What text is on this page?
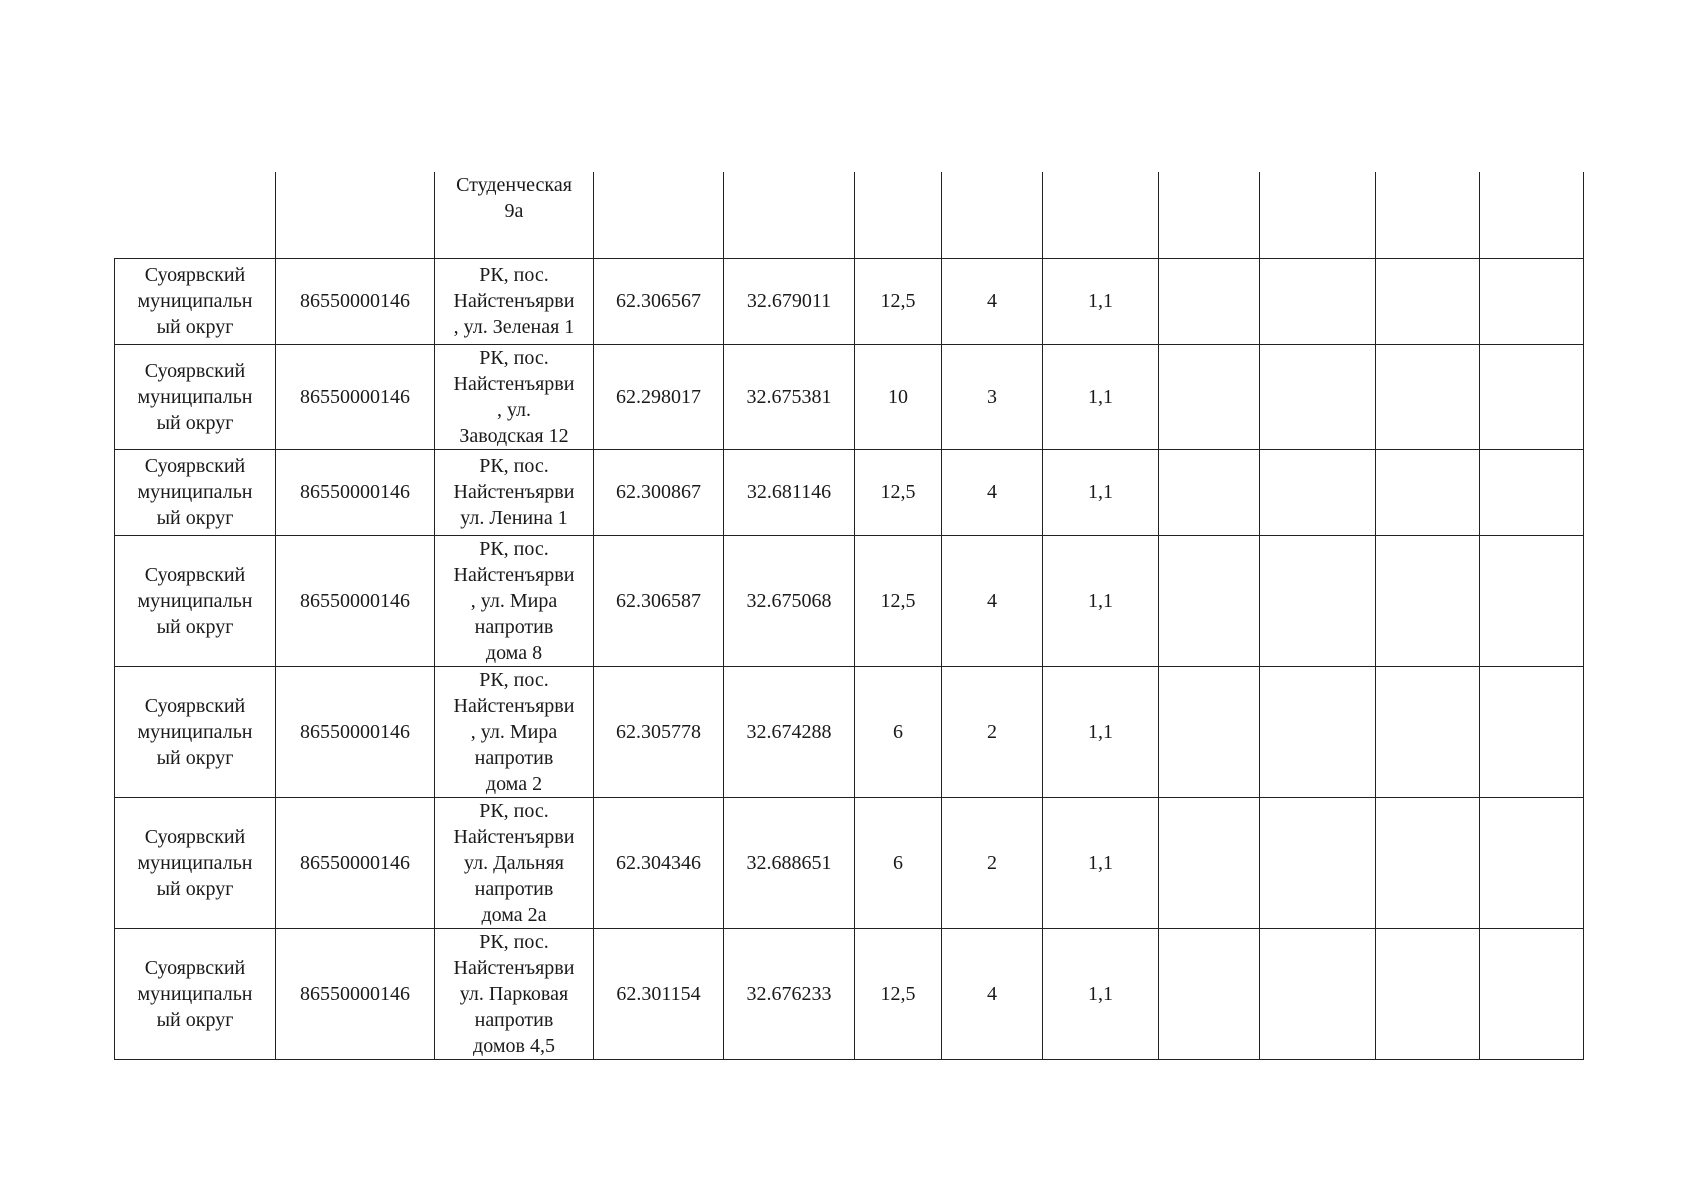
		Студенческая
9а									

Суоярвский
муниципальн
ый округ	86550000146	РК, пос.
Найстенъярви
, ул. Зеленая 1	62.306567	32.679011	12,5	4	1,1				

Суоярвский
муниципальн
ый округ	86550000146	РК, пос.
Найстенъярви
, ул.
Заводская 12	62.298017	32.675381	10	3	1,1				

Суоярвский
муниципальн
ый округ	86550000146	РК, пос.
Найстенъярви
ул. Ленина 1	62.300867	32.681146	12,5	4	1,1				

Суоярвский
муниципальн
ый округ	86550000146	РК, пос.
Найстенъярви
, ул. Мира
напротив
дома 8	62.306587	32.675068	12,5	4	1,1				

Суоярвский
муниципальн
ый округ	86550000146	РК, пос.
Найстенъярви
, ул. Мира
напротив
дома 2	62.305778	32.674288	6	2	1,1				

Суоярвский
муниципальн
ый округ	86550000146	РК, пос.
Найстенъярви
ул. Дальняя
напротив
дома 2а	62.304346	32.688651	6	2	1,1				

Суоярвский
муниципальн
ый округ	86550000146	РК, пос.
Найстенъярви
ул. Парковая
напротив
домов 4,5	62.301154	32.676233	12,5	4	1,1				
